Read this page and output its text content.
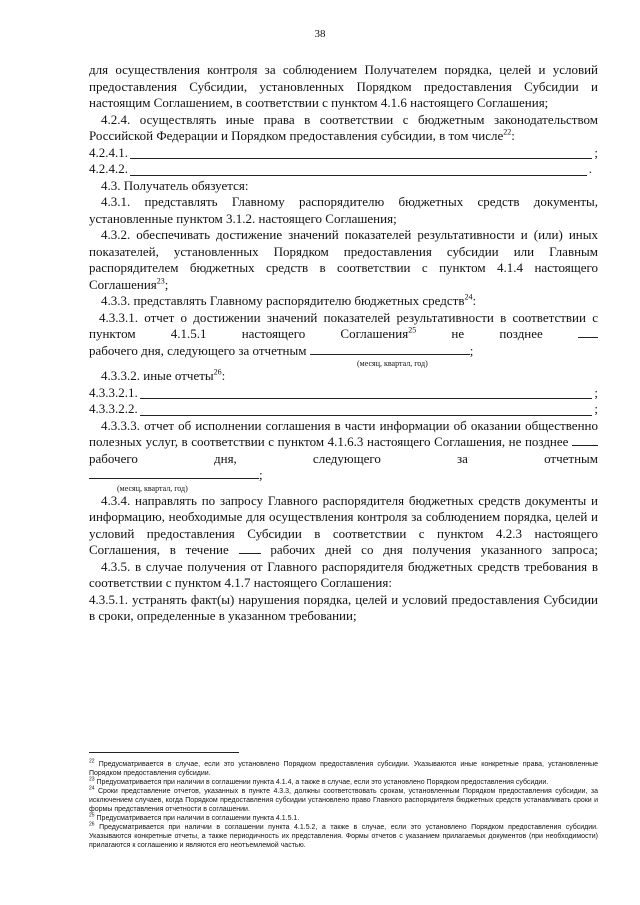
38

для осуществления контроля за соблюдением Получателем порядка, целей и условий предоставления Субсидии, установленных Порядком предоставления Субсидии и настоящим Соглашением, в соответствии с пунктом 4.1.6 настоящего Соглашения;

4.2.4. осуществлять иные права в соответствии с бюджетным законодательством Российской Федерации и Порядком предоставления субсидии, в том числе$^{22}$:

4.2.4.1.	;
4.2.4.2.	.

4.3. Получатель обязуется:

4.3.1. представлять Главному распорядителю бюджетных средств документы, установленные пунктом 3.1.2. настоящего Соглашения;

4.3.2. обеспечивать достижение значений показателей результативности и (или) иных показателей, установленных Порядком предоставления субсидии или Главным распорядителем бюджетных средств в соответствии с пунктом 4.1.4 настоящего Соглашения$^{23}$;

4.3.3. представлять Главному распорядителю бюджетных средств$^{24}$:

4.3.3.1. отчет о достижении значений показателей результативности в соответствии с пунктом 4.1.5.1 настоящего Соглашения$^{25}$	не позднее

рабочего дня, следующего за отчетным	;

(месяц, квартал, год)

4.3.3.2. иные отчеты$^{26}$:

4.3.3.2.1.	;
4.3.3.2.2.	;

4.3.3.3. отчет об исполнении соглашения в части информации об оказании общественно полезных услуг, в соответствии с пунктом 4.1.6.3 настоящего Соглашения, не позднее  рабочего дня, следующего за отчетным

;

(месяц, квартал, год)

4.3.4. направлять по запросу Главного распорядителя бюджетных средств документы и информацию, необходимые для осуществления контроля за соблюдением порядка, целей и условий предоставления Субсидии в соответствии с пунктом 4.2.3 настоящего Соглашения, в течение	рабочих дней со дня получения указанного запроса;

4.3.5. в случае получения от Главного распорядителя бюджетных средств требования в соответствии с пунктом 4.1.7 настоящего Соглашения:

4.3.5.1. устранять факт(ы) нарушения порядка, целей и условий предоставления Субсидии в сроки, определенные в указанном требовании;

$^{22}$ Предусматривается в случае, если это установлено Порядком предоставления субсидии. Указываются иные конкретные права, установленные Порядком предоставления субсидии.

$^{23}$ Предусматривается при наличии в соглашении пункта 4.1.4, а также в случае, если это установлено Порядком предоставления субсидии.

$^{24}$ Сроки представление отчетов, указанных в пункте 4.3.3, должны соответствовать срокам, установленным Порядком предоставления субсидии, за исключением случаев, когда Порядком предоставления субсидии установлено право Главного распорядителя бюджетных средств устанавливать сроки и формы представления отчетности в соглашении.

$^{25}$ Предусматривается при наличии в соглашении пункта 4.1.5.1.

$^{26}$ Предусматривается при наличии в соглашении пункта 4.1.5.2, а также в случае, если это установлено Порядком предоставления субсидии. Указываются конкретные отчеты, а также периодичность их представления. Формы отчетов с указанием прилагаемых документов (при необходимости) прилагаются к соглашению и являются его неотъемлемой частью.
